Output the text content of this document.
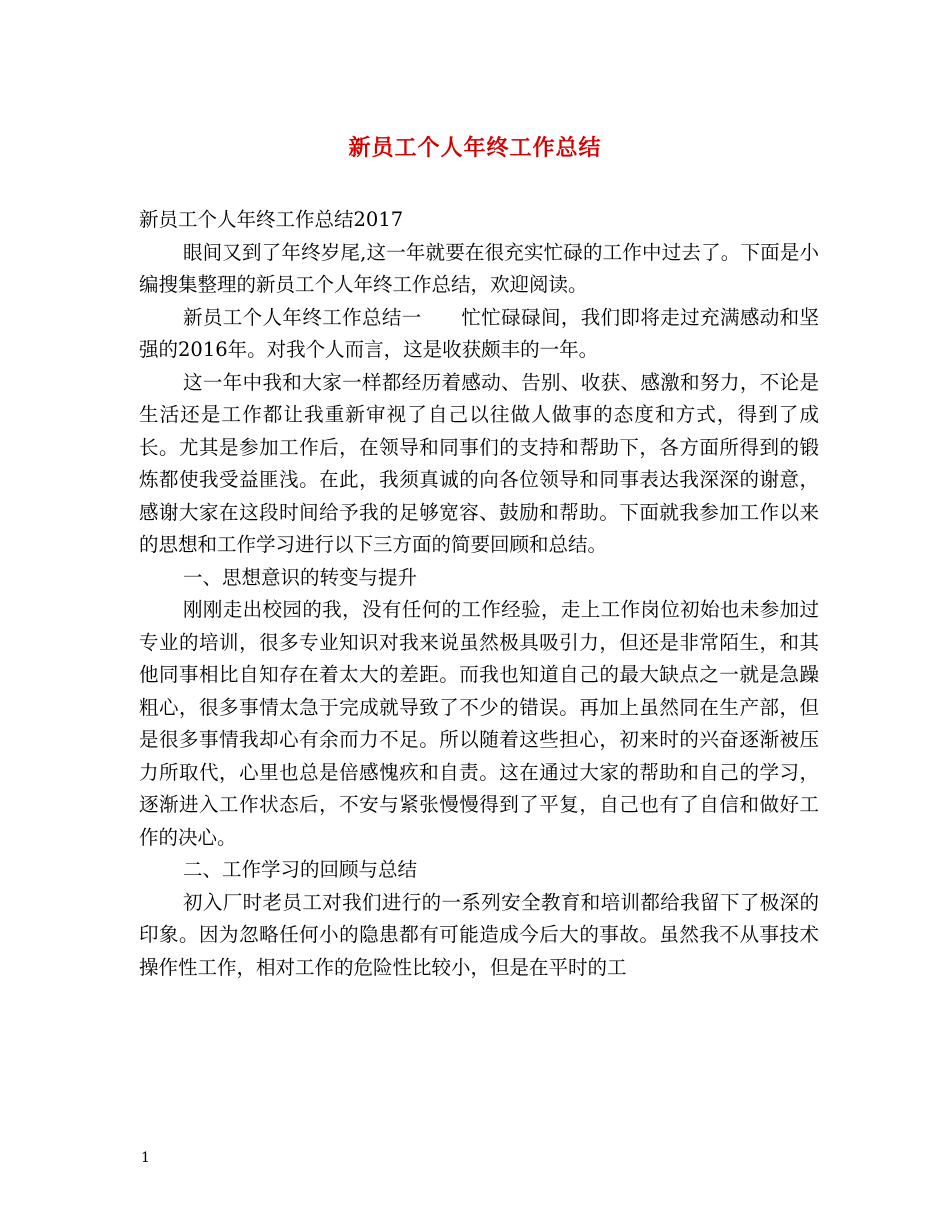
新员工个人年终工作总结

新员工个人年终工作总结2017

眼间又到了年终岁尾,这一年就要在很充实忙碌的工作中过去了。下面是小编搜集整理的新员工个人年终工作总结，欢迎阅读。

新员工个人年终工作总结一　　忙忙碌碌间，我们即将走过充满感动和坚强的2016年。对我个人而言，这是收获颇丰的一年。

这一年中我和大家一样都经历着感动、告别、收获、感激和努力，不论是生活还是工作都让我重新审视了自己以往做人做事的态度和方式，得到了成长。尤其是参加工作后，在领导和同事们的支持和帮助下，各方面所得到的锻炼都使我受益匪浅。在此，我须真诚的向各位领导和同事表达我深深的谢意，感谢大家在这段时间给予我的足够宽容、鼓励和帮助。下面就我参加工作以来的思想和工作学习进行以下三方面的简要回顾和总结。

一、思想意识的转变与提升

刚刚走出校园的我，没有任何的工作经验，走上工作岗位初始也未参加过专业的培训，很多专业知识对我来说虽然极具吸引力，但还是非常陌生，和其他同事相比自知存在着太大的差距。而我也知道自己的最大缺点之一就是急躁粗心，很多事情太急于完成就导致了不少的错误。再加上虽然同在生产部，但是很多事情我却心有余而力不足。所以随着这些担心，初来时的兴奋逐渐被压力所取代，心里也总是倍感愧疚和自责。这在通过大家的帮助和自己的学习，逐渐进入工作状态后，不安与紧张慢慢得到了平复，自己也有了自信和做好工作的决心。

二、工作学习的回顾与总结

初入厂时老员工对我们进行的一系列安全教育和培训都给我留下了极深的印象。因为忽略任何小的隐患都有可能造成今后大的事故。虽然我不从事技术操作性工作，相对工作的危险性比较小，但是在平时的工

1
